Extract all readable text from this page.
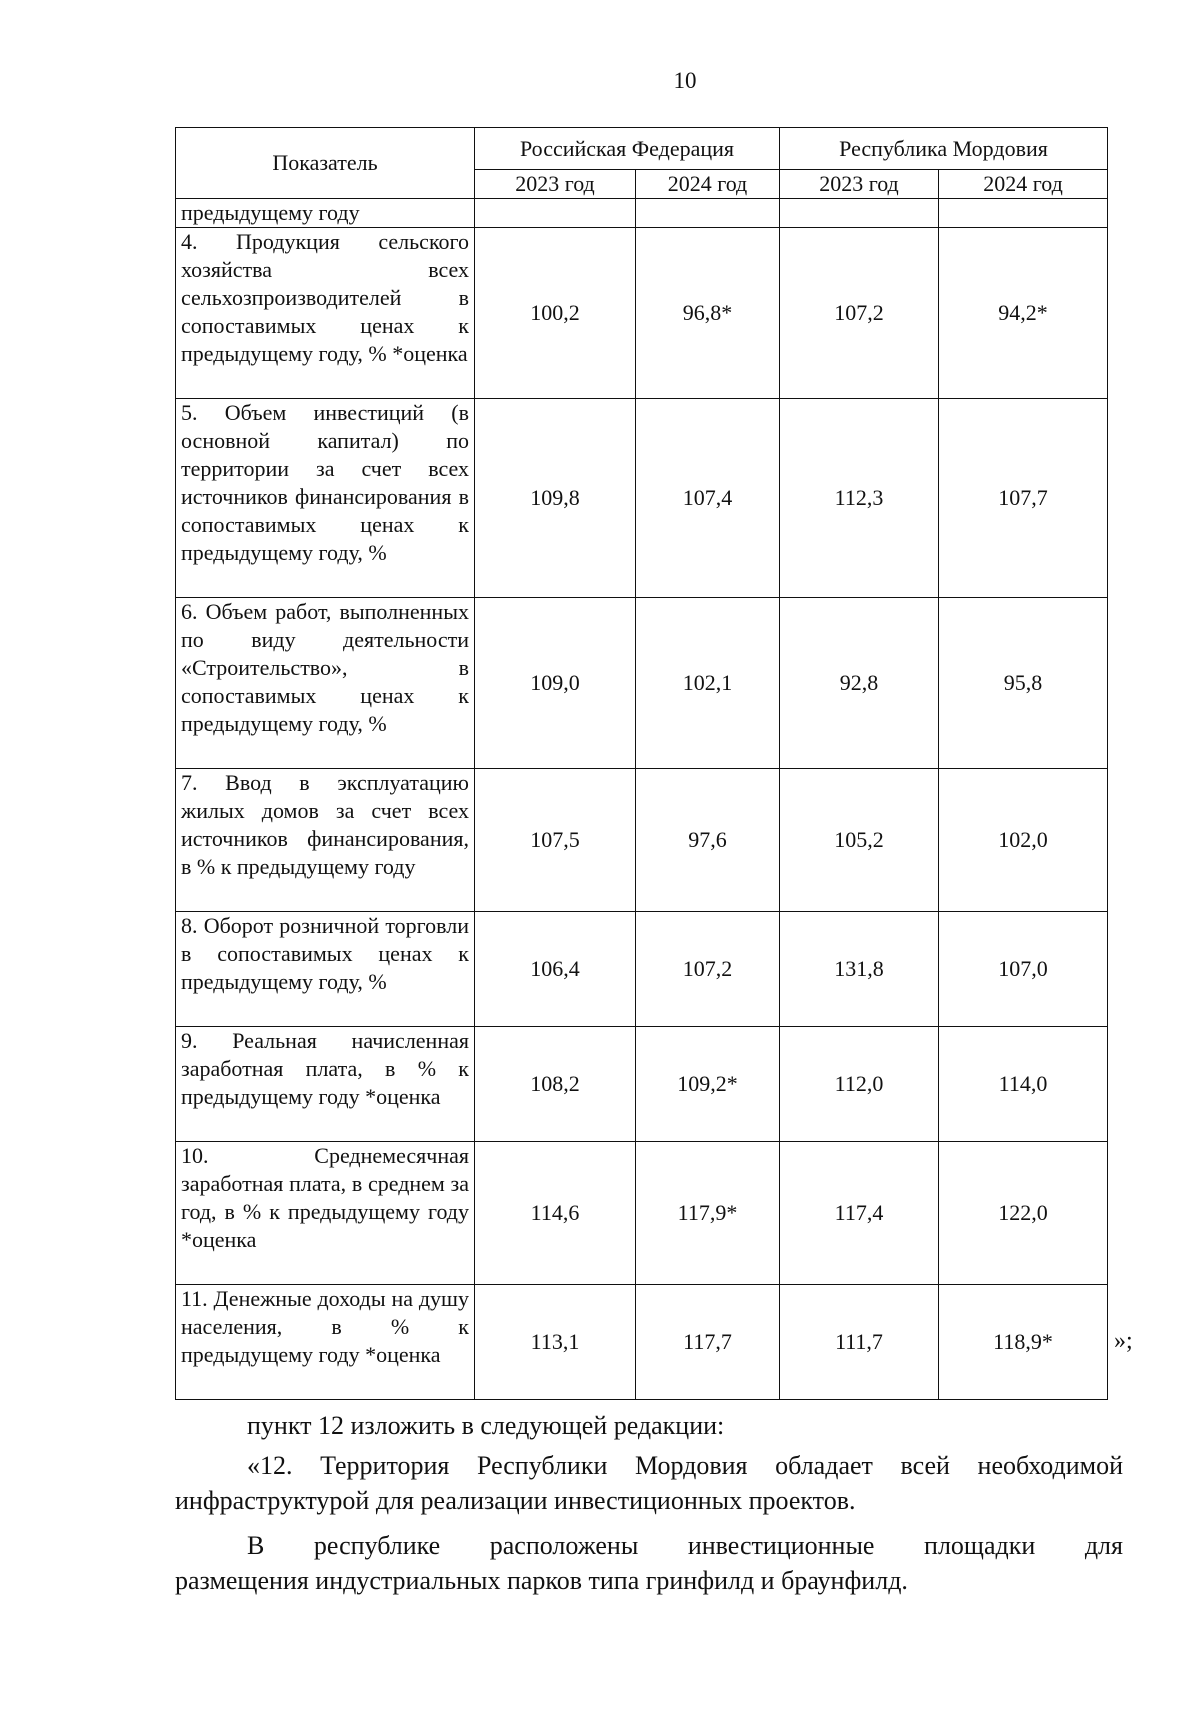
10
Показатель	Российская Федерация		Республика Мордовия	
	2023 год	2024 год	2023 год	2024 год
предыдущему году				
4. Продукция сельского хозяйства всех сельхозпроизводителей в сопоставимых ценах к предыдущему году, % *оценка	100,2	96,8*	107,2	94,2*
5. Объем инвестиций (в основной капитал) по территории за счет всех источников финансирования в сопоставимых ценах к предыдущему году, %	109,8	107,4	112,3	107,7
6. Объем работ, выполненных по виду деятельности «Строительство», в сопоставимых ценах к предыдущему году, %	109,0	102,1	92,8	95,8
7. Ввод в эксплуатацию жилых домов за счет всех источников финансирования, в % к предыдущему году	107,5	97,6	105,2	102,0
8. Оборот розничной торговли в сопоставимых ценах к предыдущему году, %	106,4	107,2	131,8	107,0
9. Реальная начисленная заработная плата, в % к предыдущему году *оценка	108,2	109,2*	112,0	114,0
10. Среднемесячная заработная плата, в среднем за год, в % к предыдущему году *оценка	114,6	117,9*	117,4	122,0
11. Денежные доходы на душу населения, в % к предыдущему году *оценка	113,1	117,7	111,7	118,9*	»;

пункт 12 изложить в следующей редакции:

«12. Территория Республики Мордовия обладает всей необходимой
инфраструктурой для реализации инвестиционных проектов.

В республике расположены инвестиционные площадки для
размещения индустриальных парков типа гринфилд и браунфилд.
